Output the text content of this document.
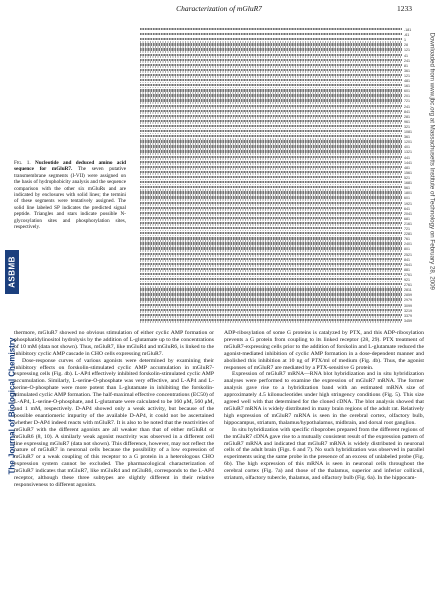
Characterization of mGluR7	1233
ASBMB
The Journal of Biological Chemistry
Downloaded from www.jbc.org at Massachusetts Institute of Technology on February 28, 2009
Fig. 1. Nucleotide and deduced amino acid sequence for mGluR7. The seven putative transmembrane segments (I-VII) were assigned on the basis of hydrophobicity analysis and the sequence comparison with the other six mGluRs and are indicated by enclosures with solid lines; the termini of these segments were tentatively assigned. The solid line labeled SP indicates the predicted signal peptide. Triangles and stars indicate possible N-glycosylation sites and phosphorylation sites, respectively.
-181
-61
1
28
121
41
241
81
361
121
481
161
601
201
721
241
841
281
961
321
1081
361
1201
401
1321
441
1441
481
1561
521
1681
561
1801
601
1921
641
2041
681
2161
721
2281
761
2401
801
2521
841
2641
881
2761
921
2761
2811
2859
2979
3099
3219
3379
3459

thermore, mGluR7 showed no obvious stimulation of either cyclic AMP formation or phosphatidylinositol hydrolysis by the addition of L-glutamate up to the concentrations of 10 mM (data not shown). Thus, mGluR7, like mGluR4 and mGluR6, is linked to the inhibitory cyclic AMP cascade in CHO cells expressing mGluR7.

Dose-response curves of various agonists were determined by examining their inhibitory effects on forskolin-stimulated cyclic AMP accumulation in mGluR7-expressing cells (Fig. 4b). L-AP4 effectively inhibited forskolin-stimulated cyclic AMP accumulation. Similarly, L-serine-O-phosphate was very effective, and L-AP4 and L-serine-O-phosphate were more potent than L-glutamate in inhibiting the forskolin-stimulated cyclic AMP formation. The half-maximal effective concentrations (EC50) of L-AP4, L-serine-O-phosphate, and L-glutamate were calculated to be 160 μM, 560 μM, and 1 mM, respectively. D-AP4 showed only a weak activity, but because of the possible enantiomeric impurity of the available D-AP4, it could not be ascertained whether D-AP4 indeed reacts with mGluR7. It is also to be noted that the reactivities of mGluR7 with the different agonists are all weaker than that of either mGluR4 or mGluR6 (8, 10). A similarly weak agonist reactivity was observed in a different cell line expressing mGluR7 (data not shown). This difference, however, may not reflect the nature of mGluR7 in neuronal cells because the possibility of a low expression of mGluR7 or a weak coupling of this receptor to a G protein in a heterologous CHO expression system cannot be excluded. The pharmacological characterization of mGluR7 indicates that mGluR7, like mGluR4 and mGluR6, corresponds to the L-AP4 receptor, although these three subtypes are slightly different in their relative responsiveness to different agonists.

ADP-ribosylation of some G proteins is catalyzed by PTX, and this ADP-ribosylation prevents a G protein from coupling to its linked receptor (28, 29). PTX treatment of mGluR7-expressing cells prior to the addition of forskolin and L-glutamate reduced the agonist-mediated inhibition of cyclic AMP formation in a dose-dependent manner and abolished this inhibition at 10 ng of PTX/ml of medium (Fig. 4b). Thus, the agonist responses of mGluR7 are mediated by a PTX-sensitive G protein.

Expression of mGluR7 mRNA—RNA blot hybridization and in situ hybridization analyses were performed to examine the expression of mGluR7 mRNA. The former analysis gave rise to a hybridization band with an estimated mRNA size of approximately 4.5 kilonucleotides under high stringency conditions (Fig. 5). This size agreed well with that determined for the cloned cDNA. The blot analysis showed that mGluR7 mRNA is widely distributed in many brain regions of the adult rat. Relatively high expression of mGluR7 mRNA is seen in the cerebral cortex, olfactory bulb, hippocampus, striatum, thalamus/hypothalamus, midbrain, and dorsal root ganglion.

In situ hybridization with specific riboprobes prepared from the different regions of the mGluR7 cDNA gave rise to a mutually consistent result of the expression pattern of mGluR7 mRNA and indicated that mGluR7 mRNA is widely distributed in neuronal cells of the adult brain (Figs. 6 and 7). No such hybridization was observed in parallel experiments using the same probe in the presence of an excess of unlabeled probe (Fig. 6b). The high expression of this mRNA is seen in neuronal cells throughout the cerebral cortex (Fig. 7a) and those of the thalamus, superior and inferior colliculi, striatum, olfactory tubercle, thalamus, and olfactory bulb (Fig. 6a). In the hippocam-
